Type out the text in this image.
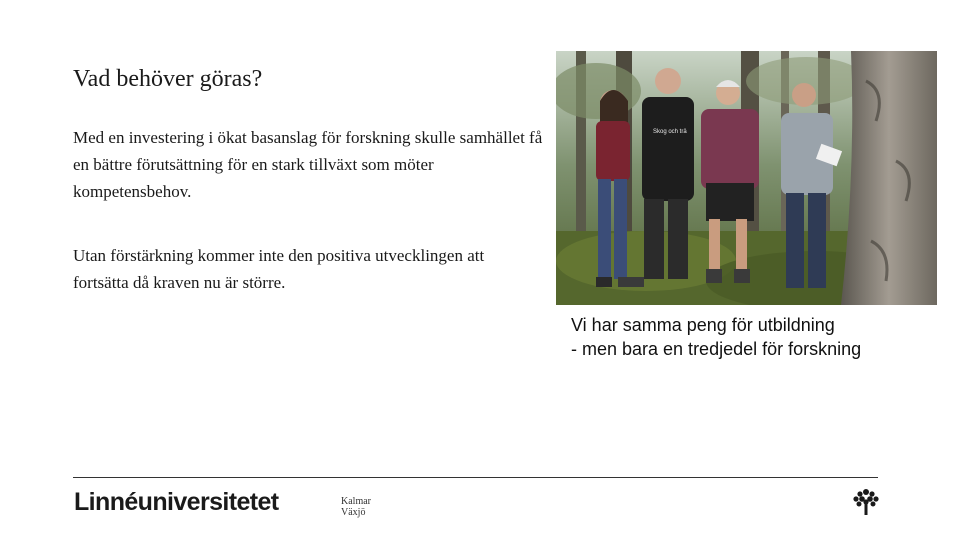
Vad behöver göras?

Med en investering i ökat basanslag för forskning skulle samhället få en bättre förutsättning för en stark tillväxt som möter kompetensbehov.

Utan förstärkning kommer inte den positiva utvecklingen att fortsätta då kraven nu är större.

Skog och trä
Vi har samma peng för utbildning
- men bara en tredjedel för forskning
Linnéuniversitetet	Kalmar
Växjö
